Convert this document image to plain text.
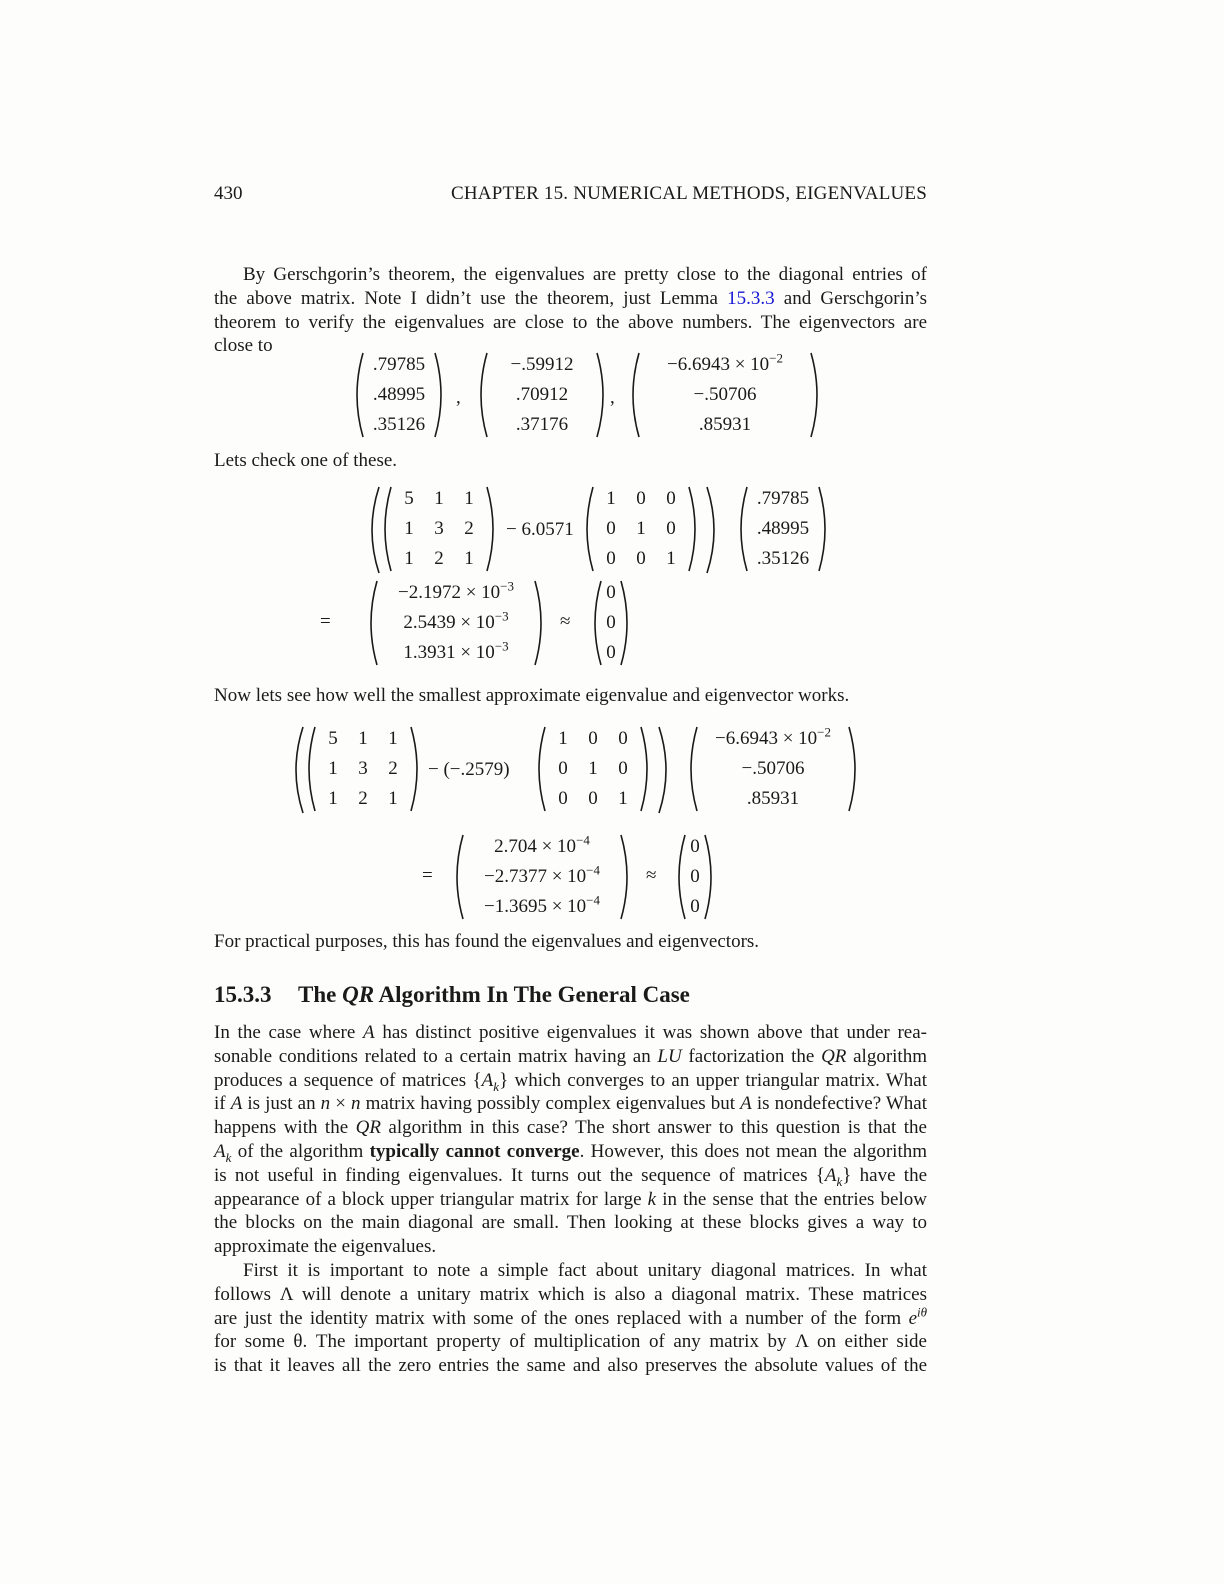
430	CHAPTER 15. NUMERICAL METHODS, EIGENVALUES
By Gerschgorin’s theorem, the eigenvalues are pretty close to the diagonal entries of
the above matrix. Note I didn’t use the theorem, just Lemma 15.3.3 and Gerschgorin’s
theorem to verify the eigenvalues are close to the above numbers. The eigenvectors are
close to
.79785
.48995
.35126
,
−.59912
.70912
.37176
,
$-6.6943 \times 10^{-2}$
−.50706
.85931
Lets check one of these.
5	1	1
1	3	2
1	2	1
− 6.0571
1	0	0
0	1	0
0	0	1
.79785
.48995
.35126
=
$-2.1972 \times 10^{-3}$
$2.5439 \times 10^{-3}$
$1.3931 \times 10^{-3}$
≈
0
0
0
Now lets see how well the smallest approximate eigenvalue and eigenvector works.
5	1	1
1	3	2
1	2	1
− (−.2579)
1	0	0
0	1	0
0	0	1
$-6.6943 \times 10^{-2}$
−.50706
.85931
=
$2.704 \times 10^{-4}$
$-2.7377 \times 10^{-4}$
$-1.3695 \times 10^{-4}$
≈
0
0
0
For practical purposes, this has found the eigenvalues and eigenvectors.
15.3.3 The QR Algorithm In The General Case
In the case where A has distinct positive eigenvalues it was shown above that under rea-
sonable conditions related to a certain matrix having an LU factorization the QR algorithm
produces a sequence of matrices $\{A_k\}$ which converges to an upper triangular matrix. What
if A is just an n × n matrix having possibly complex eigenvalues but A is nondefective? What
happens with the QR algorithm in this case? The short answer to this question is that the
$A_k$ of the algorithm typically cannot converge. However, this does not mean the algorithm
is not useful in finding eigenvalues. It turns out the sequence of matrices $\{A_k\}$ have the
appearance of a block upper triangular matrix for large k in the sense that the entries below
the blocks on the main diagonal are small. Then looking at these blocks gives a way to
approximate the eigenvalues.
First it is important to note a simple fact about unitary diagonal matrices. In what
follows Λ will denote a unitary matrix which is also a diagonal matrix. These matrices
are just the identity matrix with some of the ones replaced with a number of the form $e^{i\theta}$
for some θ. The important property of multiplication of any matrix by Λ on either side
is that it leaves all the zero entries the same and also preserves the absolute values of the
